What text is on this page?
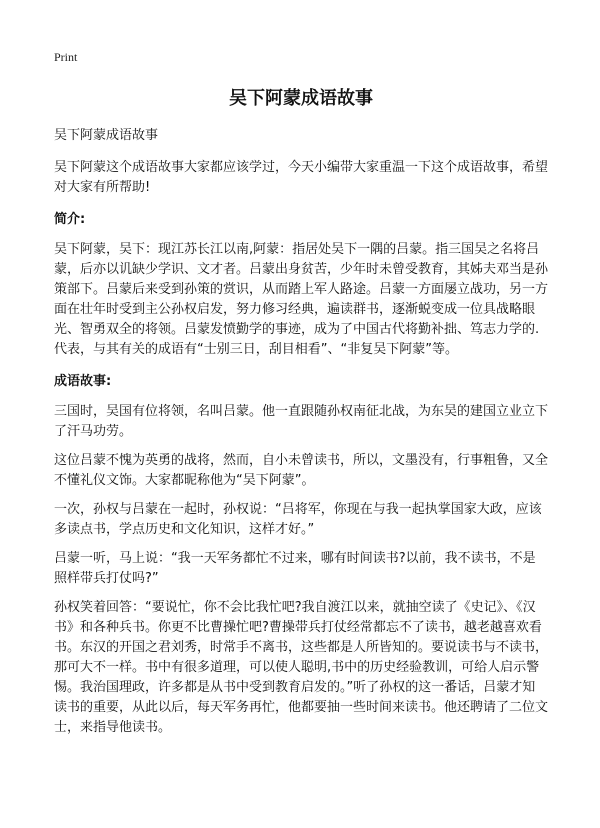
Print
吴下阿蒙成语故事

吴下阿蒙成语故事

吴下阿蒙这个成语故事大家都应该学过，今天小编带大家重温一下这个成语故事，希望对大家有所帮助!

简介:

吴下阿蒙，吴下：现江苏长江以南,阿蒙：指居处吴下一隅的吕蒙。指三国吴之名将吕蒙，后亦以讥缺少学识、文才者。吕蒙出身贫苦，少年时未曾受教育，其姊夫邓当是孙策部下。吕蒙后来受到孙策的赏识，从而踏上军人路途。吕蒙一方面屡立战功，另一方面在壮年时受到主公孙权启发，努力修习经典，遍读群书，逐渐蜕变成一位具战略眼光、智勇双全的将领。吕蒙发愤勤学的事迹，成为了中国古代将勤补拙、笃志力学的.代表，与其有关的成语有“士别三日，刮目相看”、“非复吴下阿蒙”等。

成语故事:

三国时，吴国有位将领，名叫吕蒙。他一直跟随孙权南征北战，为东吴的建国立业立下了汗马功劳。

这位吕蒙不愧为英勇的战将，然而，自小未曾读书，所以，文墨没有，行事粗鲁，又全不懂礼仪文饰。大家都昵称他为“吴下阿蒙”。

一次，孙权与吕蒙在一起时，孙权说：“吕将军，你现在与我一起执掌国家大政，应该多读点书，学点历史和文化知识，这样才好。”

吕蒙一听，马上说：“我一天军务都忙不过来，哪有时间读书?以前，我不读书，不是照样带兵打仗吗?”

孙权笑着回答：“要说忙，你不会比我忙吧?我自渡江以来，就抽空读了《史记》、《汉书》和各种兵书。你更不比曹操忙吧?曹操带兵打仗经常都忘不了读书，越老越喜欢看书。东汉的开国之君刘秀，时常手不离书，这些都是人所皆知的。要说读书与不读书，那可大不一样。书中有很多道理，可以使人聪明,书中的历史经验教训，可给人启示警惕。我治国理政，许多都是从书中受到教育启发的。”听了孙权的这一番话，吕蒙才知读书的重要，从此以后，每天军务再忙，他都要抽一些时间来读书。他还聘请了二位文士，来指导他读书。
